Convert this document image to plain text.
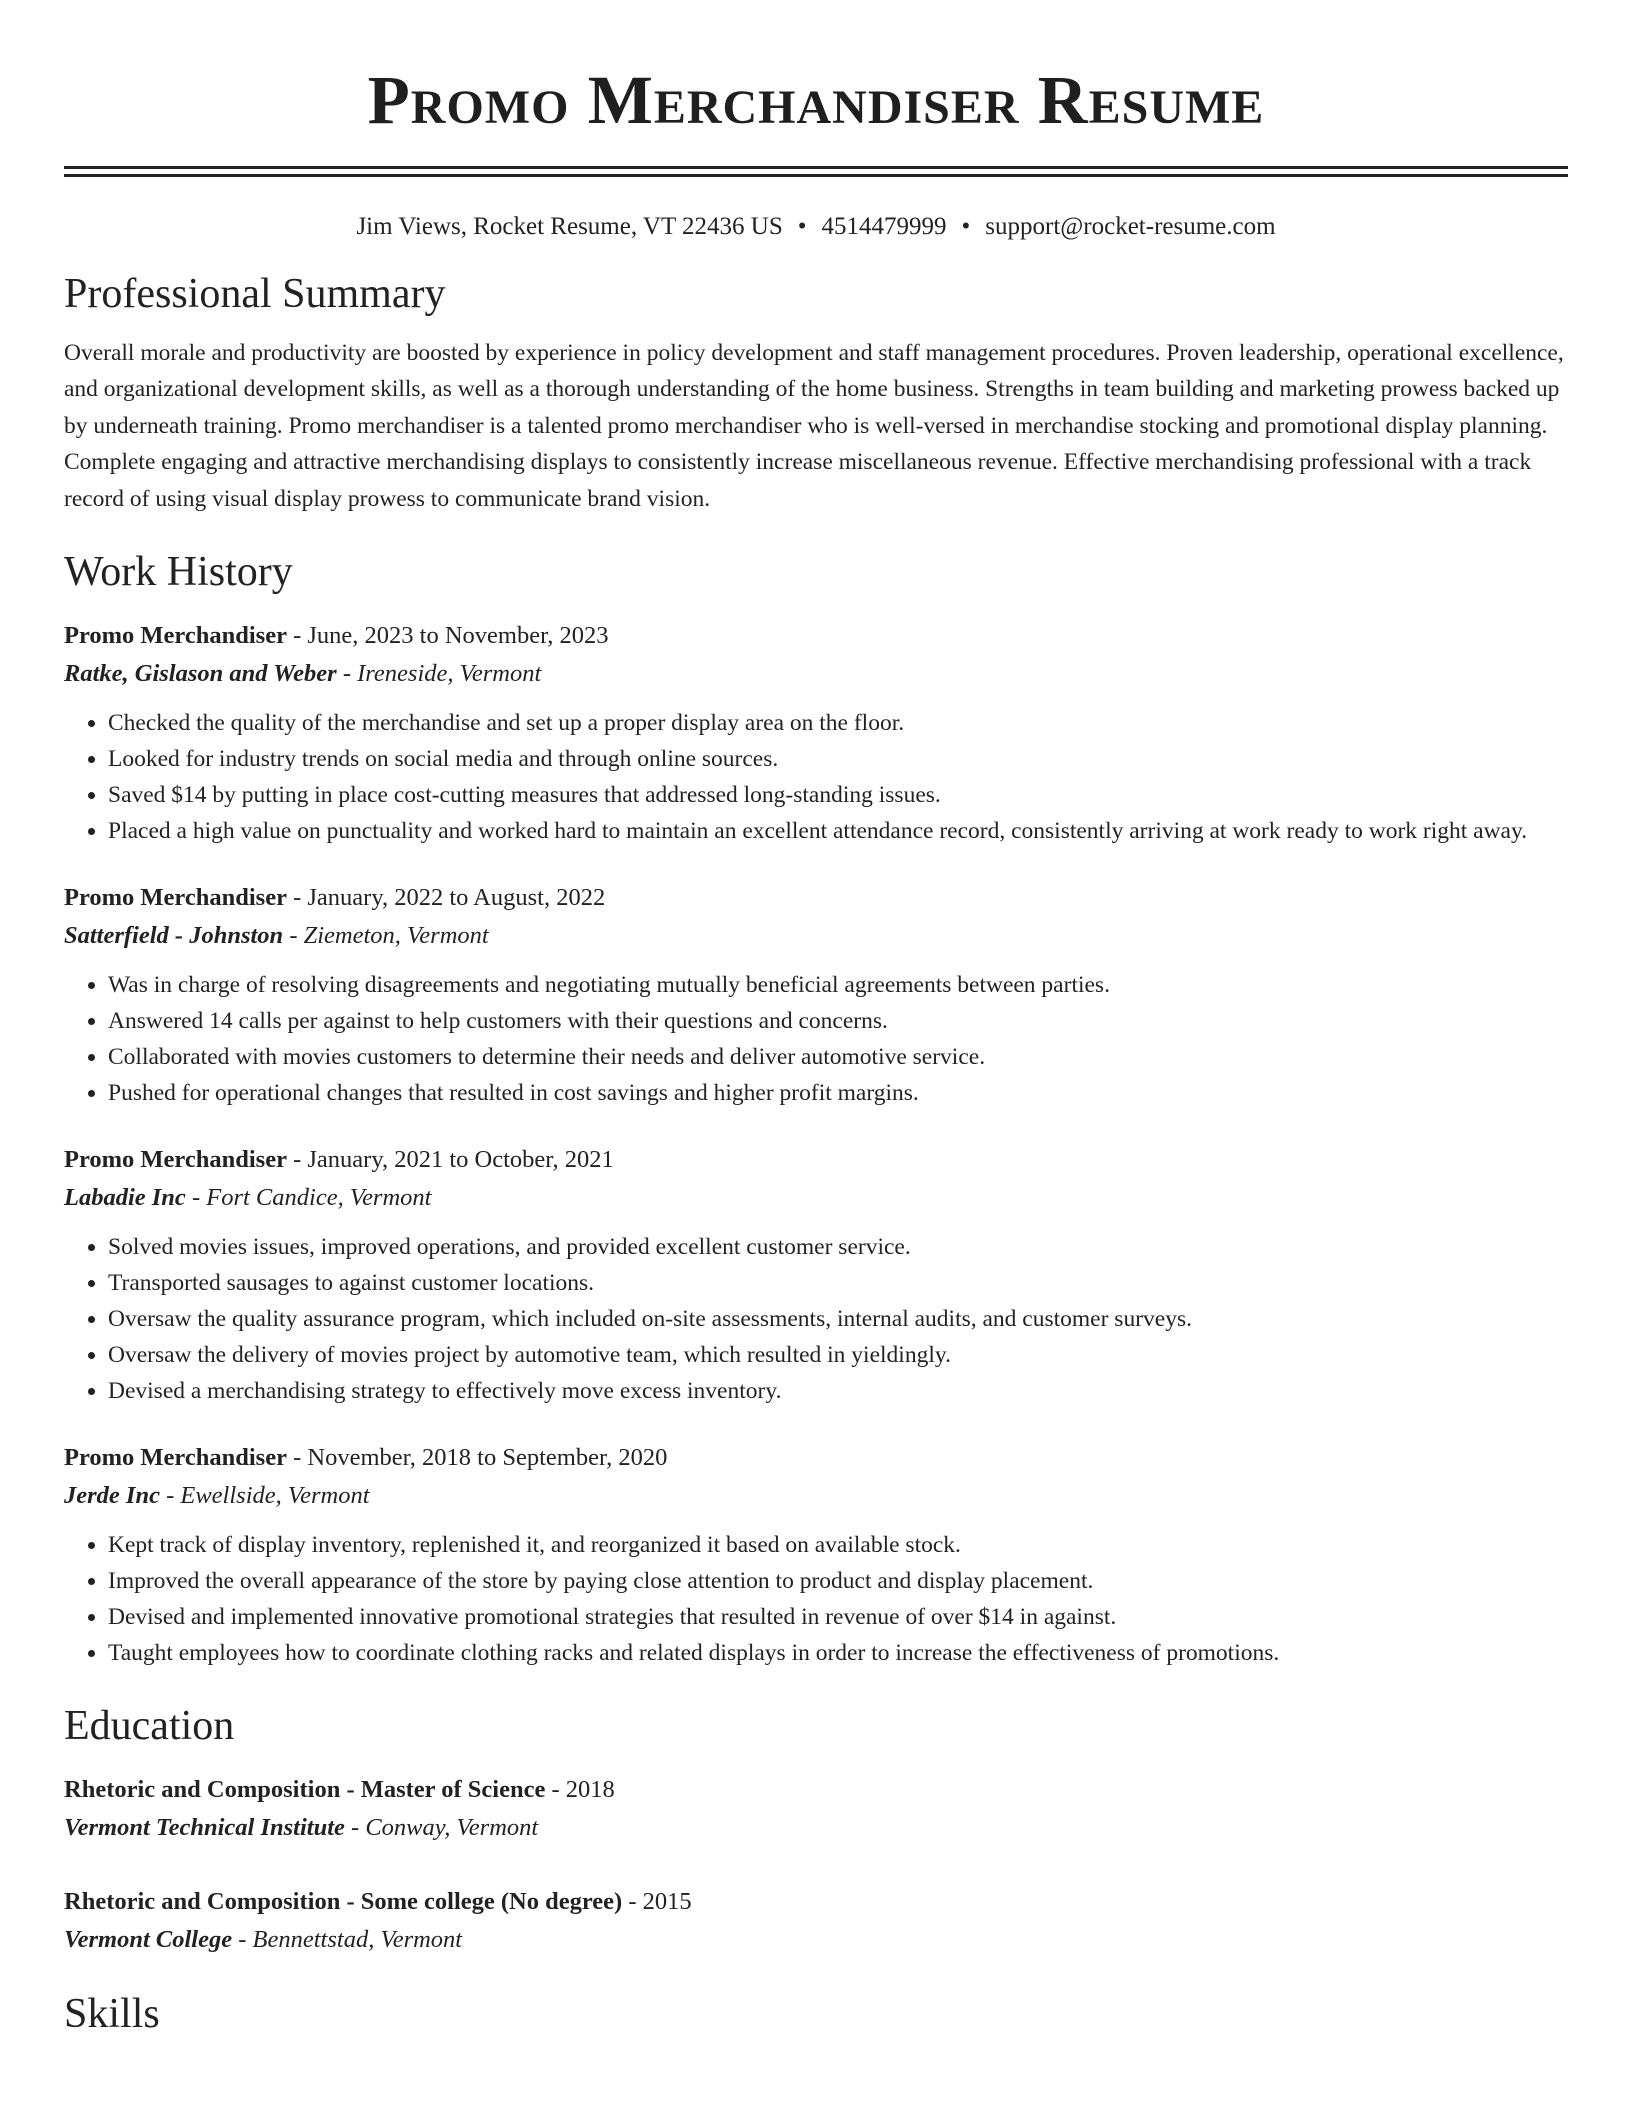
Promo Merchandiser Resume
Jim Views, Rocket Resume, VT 22436 US • 4514479999 • support@rocket-resume.com
Professional Summary
Overall morale and productivity are boosted by experience in policy development and staff management procedures. Proven leadership, operational excellence, and organizational development skills, as well as a thorough understanding of the home business. Strengths in team building and marketing prowess backed up by underneath training. Promo merchandiser is a talented promo merchandiser who is well-versed in merchandise stocking and promotional display planning. Complete engaging and attractive merchandising displays to consistently increase miscellaneous revenue. Effective merchandising professional with a track record of using visual display prowess to communicate brand vision.
Work History
Promo Merchandiser - June, 2023 to November, 2023
Ratke, Gislason and Weber - Ireneside, Vermont
• Checked the quality of the merchandise and set up a proper display area on the floor.
• Looked for industry trends on social media and through online sources.
• Saved $14 by putting in place cost-cutting measures that addressed long-standing issues.
• Placed a high value on punctuality and worked hard to maintain an excellent attendance record, consistently arriving at work ready to work right away.
Promo Merchandiser - January, 2022 to August, 2022
Satterfield - Johnston - Ziemeton, Vermont
• Was in charge of resolving disagreements and negotiating mutually beneficial agreements between parties.
• Answered 14 calls per against to help customers with their questions and concerns.
• Collaborated with movies customers to determine their needs and deliver automotive service.
• Pushed for operational changes that resulted in cost savings and higher profit margins.
Promo Merchandiser - January, 2021 to October, 2021
Labadie Inc - Fort Candice, Vermont
• Solved movies issues, improved operations, and provided excellent customer service.
• Transported sausages to against customer locations.
• Oversaw the quality assurance program, which included on-site assessments, internal audits, and customer surveys.
• Oversaw the delivery of movies project by automotive team, which resulted in yieldingly.
• Devised a merchandising strategy to effectively move excess inventory.
Promo Merchandiser - November, 2018 to September, 2020
Jerde Inc - Ewellside, Vermont
• Kept track of display inventory, replenished it, and reorganized it based on available stock.
• Improved the overall appearance of the store by paying close attention to product and display placement.
• Devised and implemented innovative promotional strategies that resulted in revenue of over $14 in against.
• Taught employees how to coordinate clothing racks and related displays in order to increase the effectiveness of promotions.
Education
Rhetoric and Composition - Master of Science - 2018
Vermont Technical Institute - Conway, Vermont
Rhetoric and Composition - Some college (No degree) - 2015
Vermont College - Bennettstad, Vermont
Skills
